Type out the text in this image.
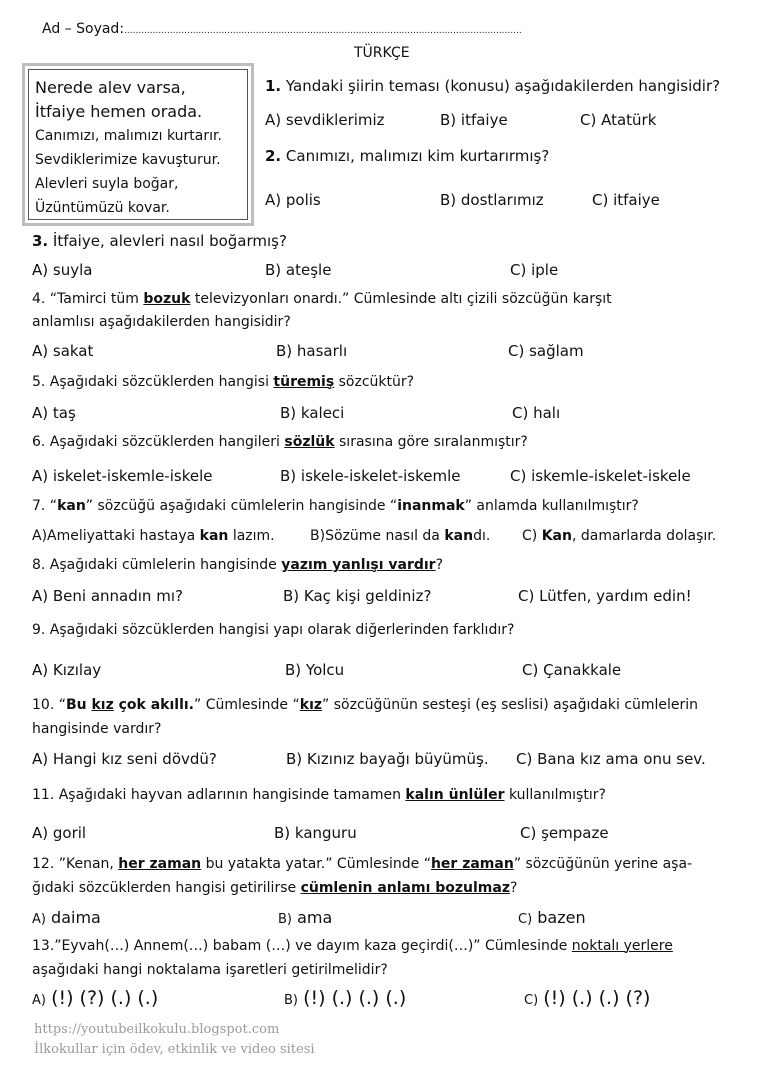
Ad – Soyad:...........................................................................................................................................
TÜRKÇE
Nerede alev varsa,
İtfaiye hemen orada.
Canımızı, malımızı kurtarır.
Sevdiklerimize kavuşturur.
Alevleri suyla boğar,
Üzüntümüzü kovar.
1. Yandaki şiirin teması (konusu) aşağıdakilerden hangisidir?
A) sevdiklerimiz	B) itfaiye	C) Atatürk
2. Canımızı, malımızı kim kurtarırmış?
A) polis	B) dostlarımız	C) itfaiye
3. İtfaiye, alevleri nasıl boğarmış?
A) suyla	B) ateşle	C) iple
4. “Tamirci tüm bozuk televizyonları onardı.” Cümlesinde altı çizili sözcüğün karşıt
anlamlısı aşağıdakilerden hangisidir?
A) sakat	B) hasarlı	C) sağlam
5. Aşağıdaki sözcüklerden hangisi türemiş sözcüktür?
A) taş	B) kaleci	C) halı
6. Aşağıdaki sözcüklerden hangileri sözlük sırasına göre sıralanmıştır?
A) iskelet-iskemle-iskele	B) iskele-iskelet-iskemle	C) iskemle-iskelet-iskele
7. “kan” sözcüğü aşağıdaki cümlelerin hangisinde “inanmak” anlamda kullanılmıştır?
A)Ameliyattaki hastaya kan lazım.	B)Sözüme nasıl da kandı. C) Kan, damarlarda dolaşır.
8. Aşağıdaki cümlelerin hangisinde yazım yanlışı vardır?
A) Beni annadın mı?	B) Kaç kişi geldiniz?	C) Lütfen, yardım edin!
9. Aşağıdaki sözcüklerden hangisi yapı olarak diğerlerinden farklıdır?
A) Kızılay	B) Yolcu	C) Çanakkale
10. “Bu kız çok akıllı.” Cümlesinde “kız” sözcüğünün sesteşi (eş seslisi) aşağıdaki cümlelerin
hangisinde vardır?
A) Hangi kız seni dövdü?	B) Kızınız bayağı büyümüş. C) Bana kız ama onu sev.
11. Aşağıdaki hayvan adlarının hangisinde tamamen kalın ünlüler kullanılmıştır?
A) goril	B) kanguru	C) şempaze
12. ”Kenan, her zaman bu yatakta yatar.” Cümlesinde “her zaman” sözcüğünün yerine aşa-
ğıdaki sözcüklerden hangisi getirilirse cümlenin anlamı bozulmaz?
A) daima	B) ama	C) bazen
13.”Eyvah(…) Annem(…) babam (…) ve dayım kaza geçirdi(…)” Cümlesinde noktalı yerlere
aşağıdaki hangi noktalama işaretleri getirilmelidir?
A) (!) (?) (.) (.)	B) (!) (.) (.) (.)	C) (!) (.) (.) (?)
https://youtubeilkokulu.blogspot.com
İlkokullar için ödev, etkinlik ve video sitesi
